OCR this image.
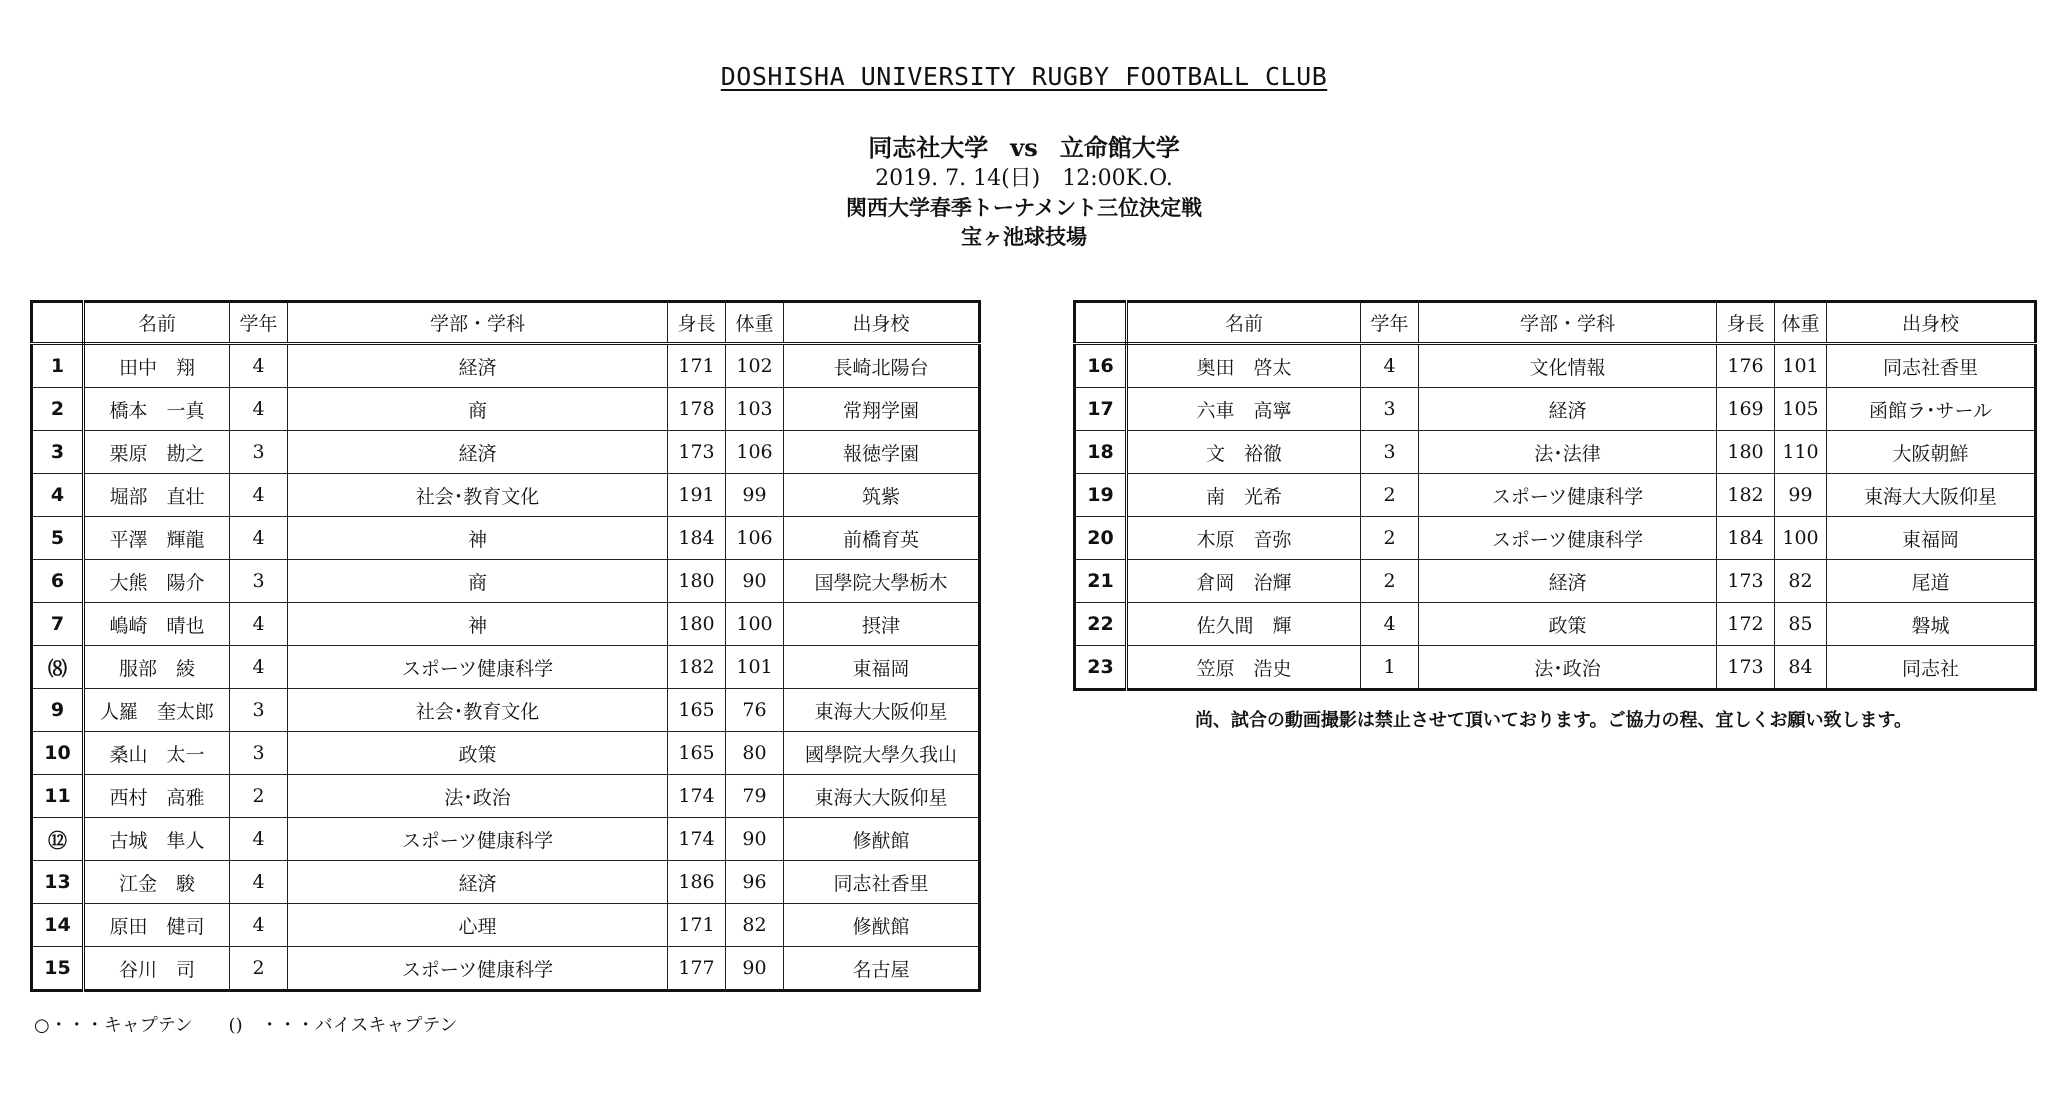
DOSHISHA UNIVERSITY RUGBY FOOTBALL CLUB
同志社大学 vs 立命館大学
2019. 7. 14(日)　12:00K.O.
関西大学春季トーナメント三位決定戦
宝ヶ池球技場
	名前	学年	学部・学科	身長	体重	出身校
1	田中　翔	4	経済	171	102	長崎北陽台
2	橋本　一真	4	商	178	103	常翔学園
3	栗原　勘之	3	経済	173	106	報徳学園
4	堀部　直壮	4	社会･教育文化	191	99	筑紫
5	平澤　輝龍	4	神	184	106	前橋育英
6	大熊　陽介	3	商	180	90	国學院大學栃木
7	嶋崎　晴也	4	神	180	100	摂津
⑻	服部　綾	4	スポーツ健康科学	182	101	東福岡
9	人羅　奎太郎	3	社会･教育文化	165	76	東海大大阪仰星
10	桑山　太一	3	政策	165	80	國學院大學久我山
11	西村　高雅	2	法･政治	174	79	東海大大阪仰星
⑫	古城　隼人	4	スポーツ健康科学	174	90	修猷館
13	江金　駿	4	経済	186	96	同志社香里
14	原田　健司	4	心理	171	82	修猷館
15	谷川　司	2	スポーツ健康科学	177	90	名古屋
	名前	学年	学部・学科	身長	体重	出身校
16	奥田　啓太	4	文化情報	176	101	同志社香里
17	六車　高寧	3	経済	169	105	函館ラ･サール
18	文　裕徹	3	法･法律	180	110	大阪朝鮮
19	南　光希	2	スポーツ健康科学	182	99	東海大大阪仰星
20	木原　音弥	2	スポーツ健康科学	184	100	東福岡
21	倉岡　治輝	2	経済	173	82	尾道
22	佐久間　輝	4	政策	172	85	磐城
23	笠原　浩史	1	法･政治	173	84	同志社
尚、試合の動画撮影は禁止させて頂いております。ご協力の程、宜しくお願い致します。
○・・・キャプテン ()　・・・バイスキャプテン
